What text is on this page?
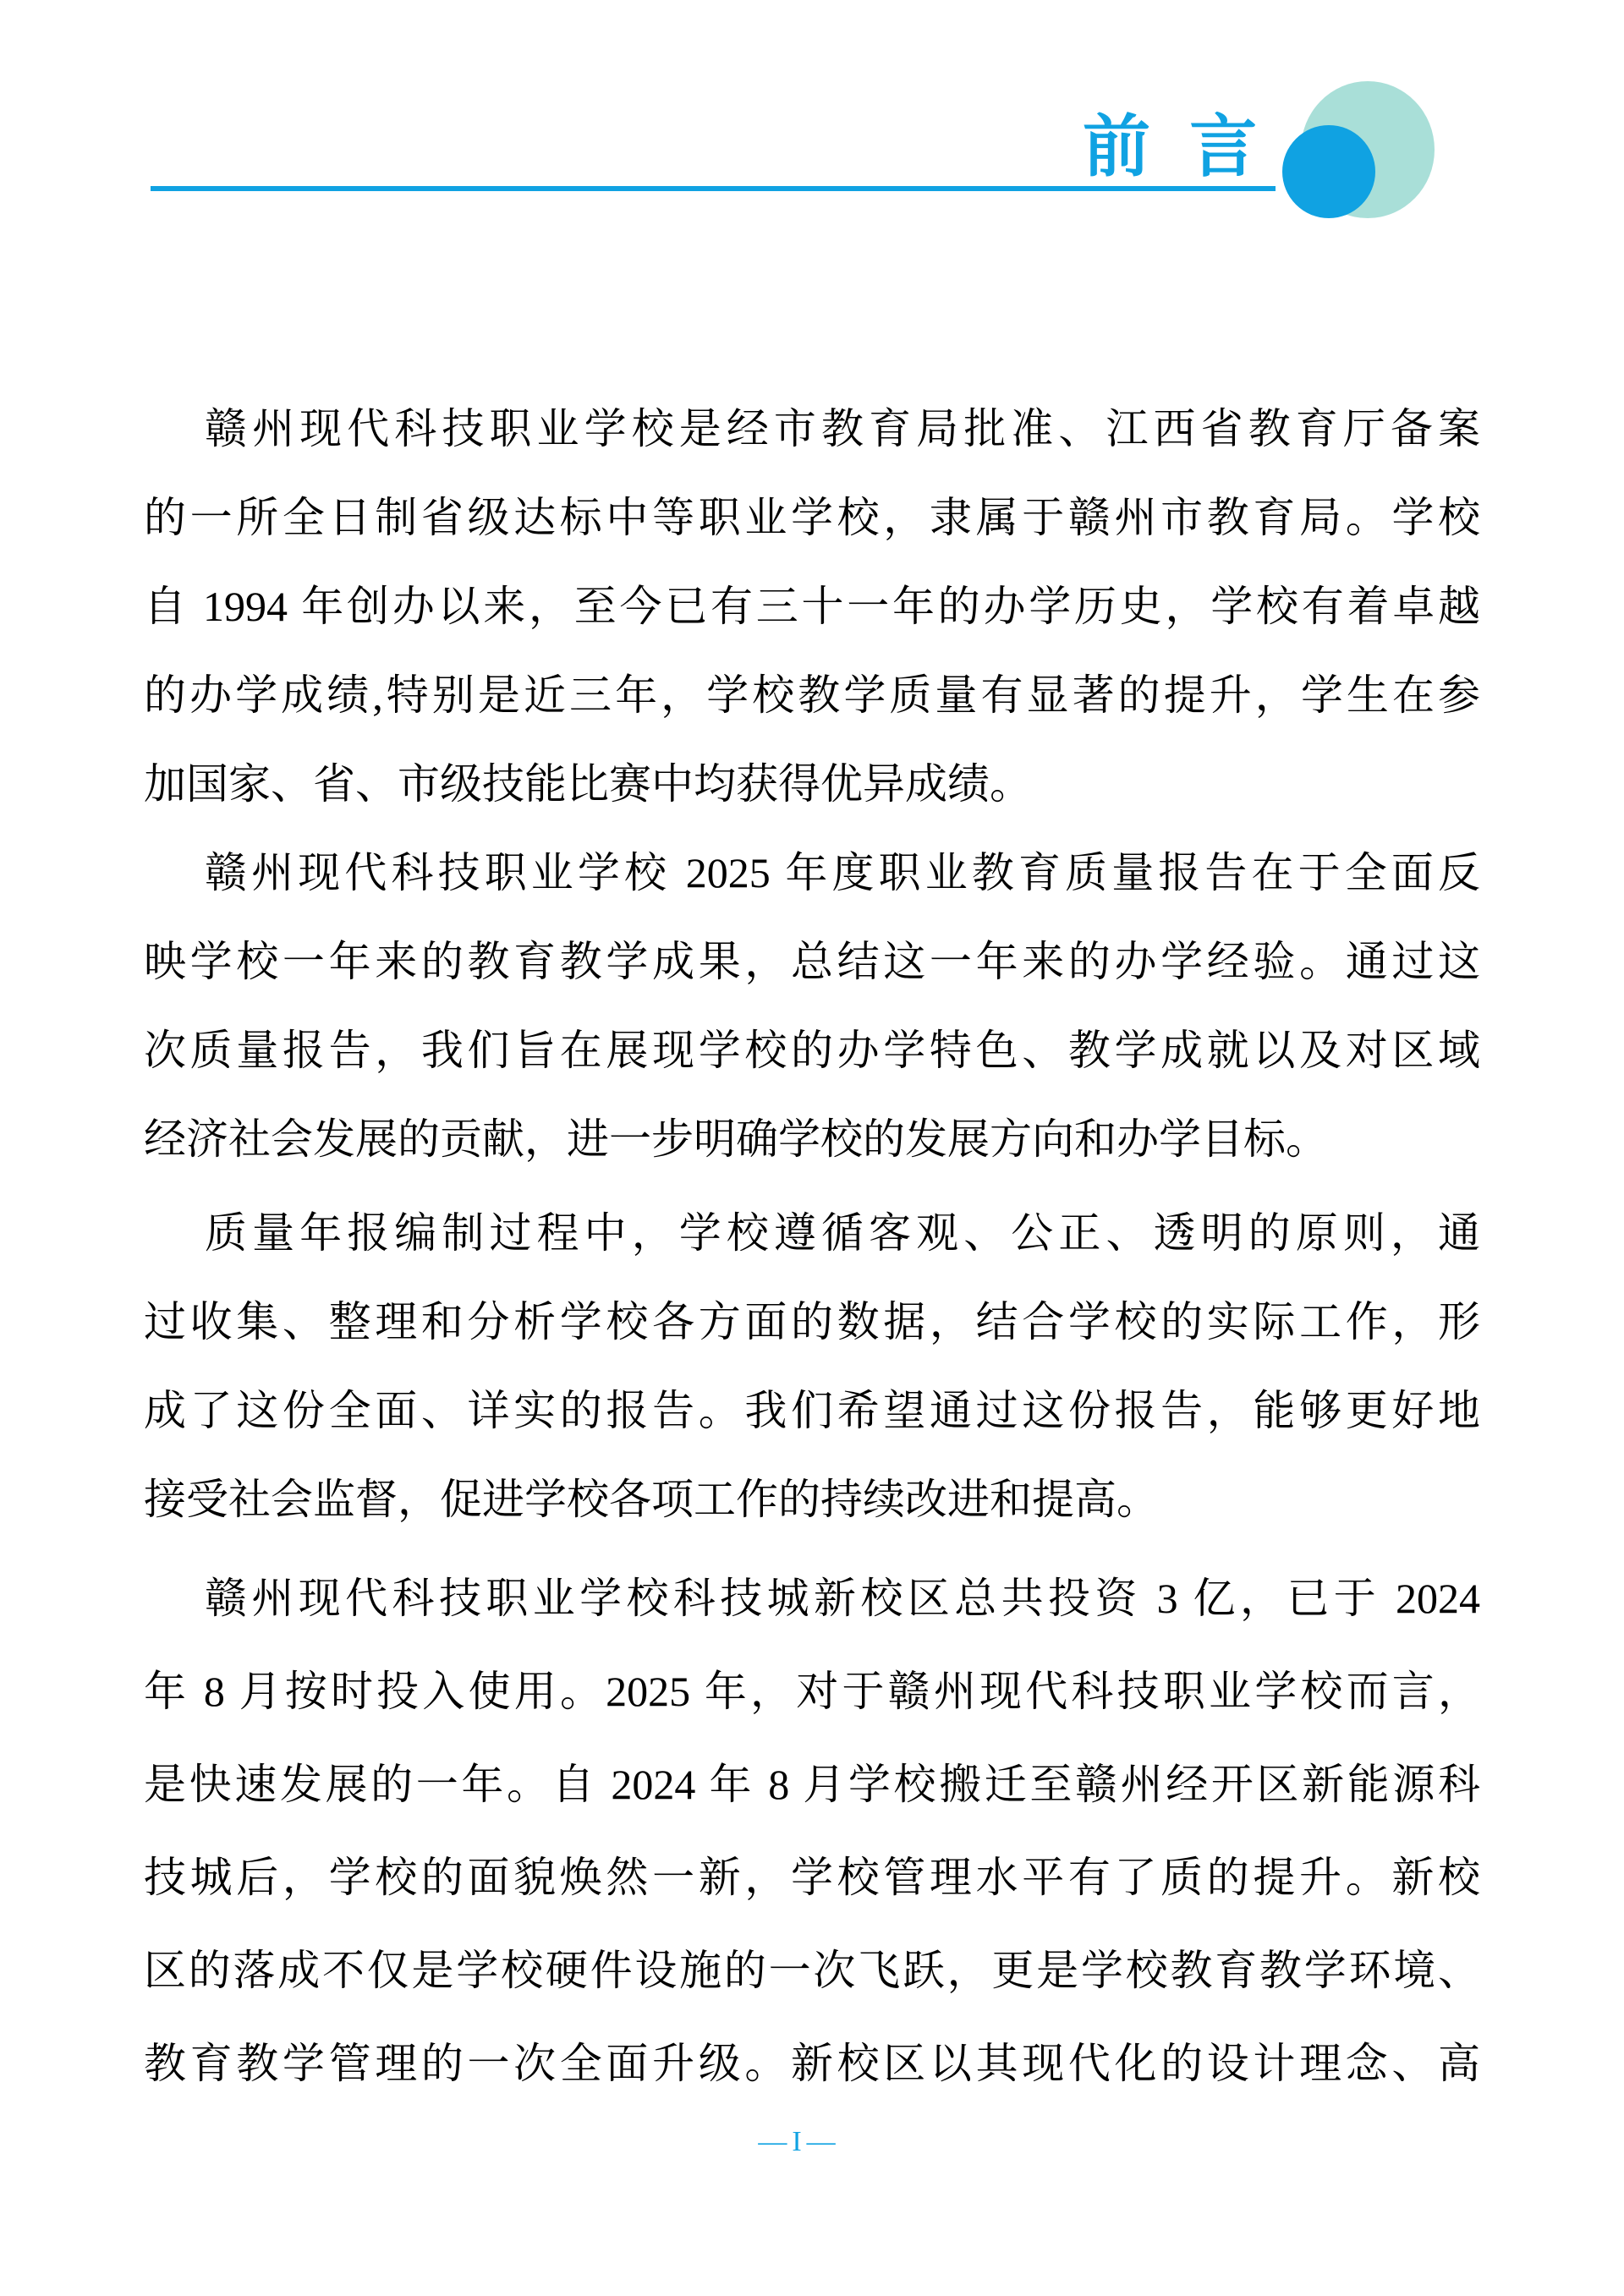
前 言
赣州现代科技职业学校是经市教育局批准、江西省教育厅备案
的一所全日制省级达标中等职业学校，隶属于赣州市教育局。学校
自 1994 年创办以来，至今已有三十一年的办学历史，学校有着卓越
的办学成绩,特别是近三年，学校教学质量有显著的提升，学生在参
加国家、省、市级技能比赛中均获得优异成绩。
赣州现代科技职业学校 2025 年度职业教育质量报告在于全面反
映学校一年来的教育教学成果，总结这一年来的办学经验。通过这
次质量报告，我们旨在展现学校的办学特色、教学成就以及对区域
经济社会发展的贡献，进一步明确学校的发展方向和办学目标。
质量年报编制过程中，学校遵循客观、公正、透明的原则，通
过收集、整理和分析学校各方面的数据，结合学校的实际工作，形
成了这份全面、详实的报告。我们希望通过这份报告，能够更好地
接受社会监督，促进学校各项工作的持续改进和提高。
赣州现代科技职业学校科技城新校区总共投资 3 亿，已于 2024
年 8 月按时投入使用。2025 年，对于赣州现代科技职业学校而言，
是快速发展的一年。自 2024 年 8 月学校搬迁至赣州经开区新能源科
技城后，学校的面貌焕然一新，学校管理水平有了质的提升。新校
区的落成不仅是学校硬件设施的一次飞跃，更是学校教育教学环境、
教育教学管理的一次全面升级。新校区以其现代化的设计理念、高
—I—
